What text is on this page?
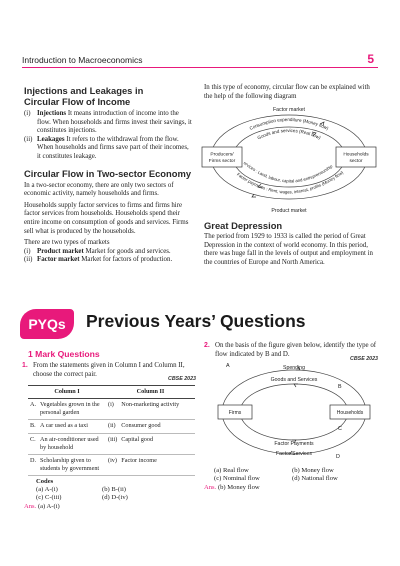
Introduction to Macroeconomics	5
Injections and Leakages in Circular Flow of Income
(i) Injections It means introduction of income into the flow. When households and firms invest their savings, it constitutes injections.
(ii) Leakages It refers to the withdrawal from the flow. When households and firms save part of their incomes, it constitutes leakage.
Circular Flow in Two-sector Economy
In a two-sector economy, there are only two sectors of economic activity, namely households and firms.
Households supply factor services to firms and firms hire factor services from households. Households spend their entire income on consumption of goods and services. Firms sell what is produced by the households.
There are two types of markets
(i) Product market Market for goods and services.
(ii) Factor market Market for factors of production.
In this type of economy, circular flow can be explained with the help of the following diagram
Factor market
Consumption expenditure (Money flow)
Goods and services (Real flow)
ervices : Land, labour, capital and entrepreneurship
Factor payments : Rent, wages, interest, profits (Money flow)
Producers/
Firms sector
Households
sector
Product market
Great Depression
The period from 1929 to 1933 is called the period of Great Depression in the context of world economy. In this period, there was huge fall in the levels of output and employment in the countries of Europe and North America.
PYQs	Previous Years’ Questions
1 Mark Questions
1. From the statements given in Column I and Column II, choose the correct pair.
CBSE 2023
Column I		Column II	
A.	Vegetables grown in the personal garden	(i)	Non-marketing activity
B.	A car used as a taxi	(ii)	Consumer good
C.	An air-conditioner used by household	(iii)	Capital good
D.	Scholarship given to students by government	(iv)	Factor income
Codes
(a) A-(i)	(b) B-(ii)
(c) C-(iii)	(d) D-(iv)
Ans. (a) A-(i)
2. On the basis of the figure given below, identify the type of flow indicated by B and D.
CBSE 2023
A	Spending
Goods and Services
B
Firms	Households
C
Factor Payments
Factor Services	D
(a) Real flow	(b) Money flow
(c) Nominal flow	(d) National flow
Ans. (b) Money flow
